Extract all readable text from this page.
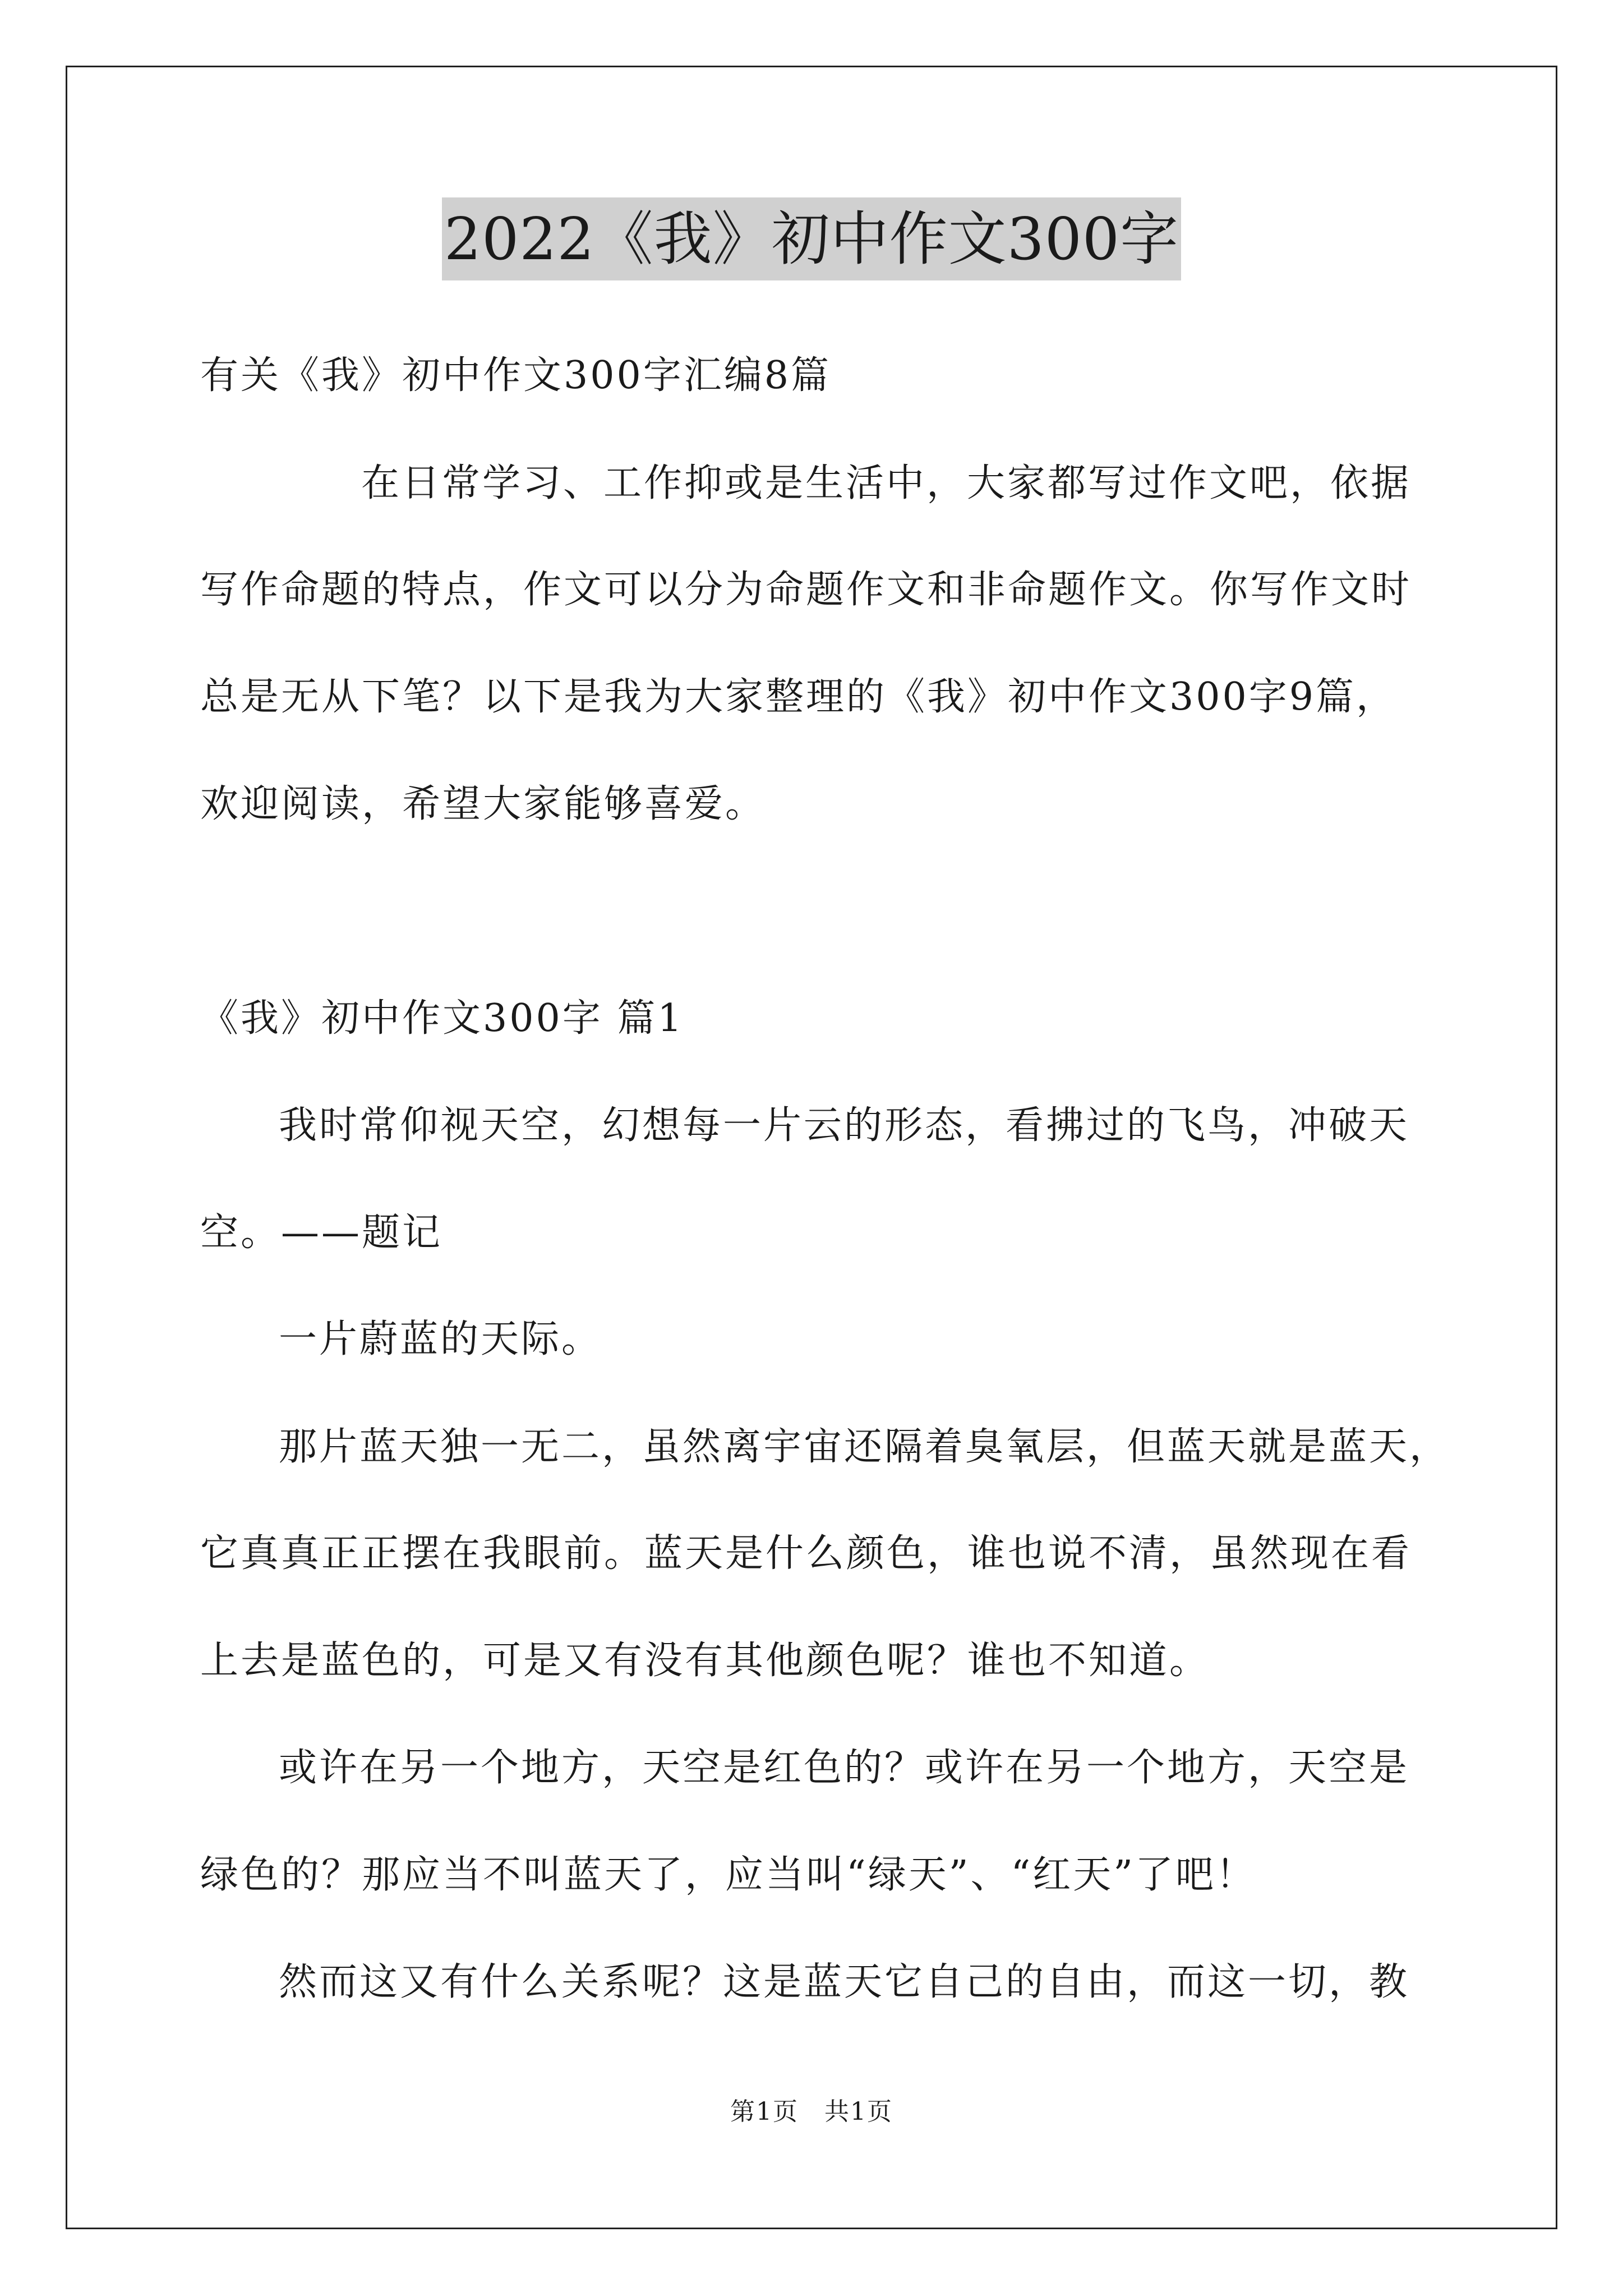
2022《我》初中作文300字
有关《我》初中作文300字汇编8篇
　　在日常学习、工作抑或是生活中，大家都写过作文吧，依据
写作命题的特点，作文可以分为命题作文和非命题作文。你写作文时
总是无从下笔？以下是我为大家整理的《我》初中作文300字9篇，
欢迎阅读，希望大家能够喜爱。
《我》初中作文300字 篇1
我时常仰视天空，幻想每一片云的形态，看拂过的飞鸟，冲破天
空。——题记
一片蔚蓝的天际。
那片蓝天独一无二，虽然离宇宙还隔着臭氧层，但蓝天就是蓝天，
它真真正正摆在我眼前。蓝天是什么颜色，谁也说不清，虽然现在看
上去是蓝色的，可是又有没有其他颜色呢？谁也不知道。
或许在另一个地方，天空是红色的？或许在另一个地方，天空是
绿色的？那应当不叫蓝天了，应当叫“绿天”、“红天”了吧！
然而这又有什么关系呢？这是蓝天它自己的自由，而这一切，教
第1页　共1页
